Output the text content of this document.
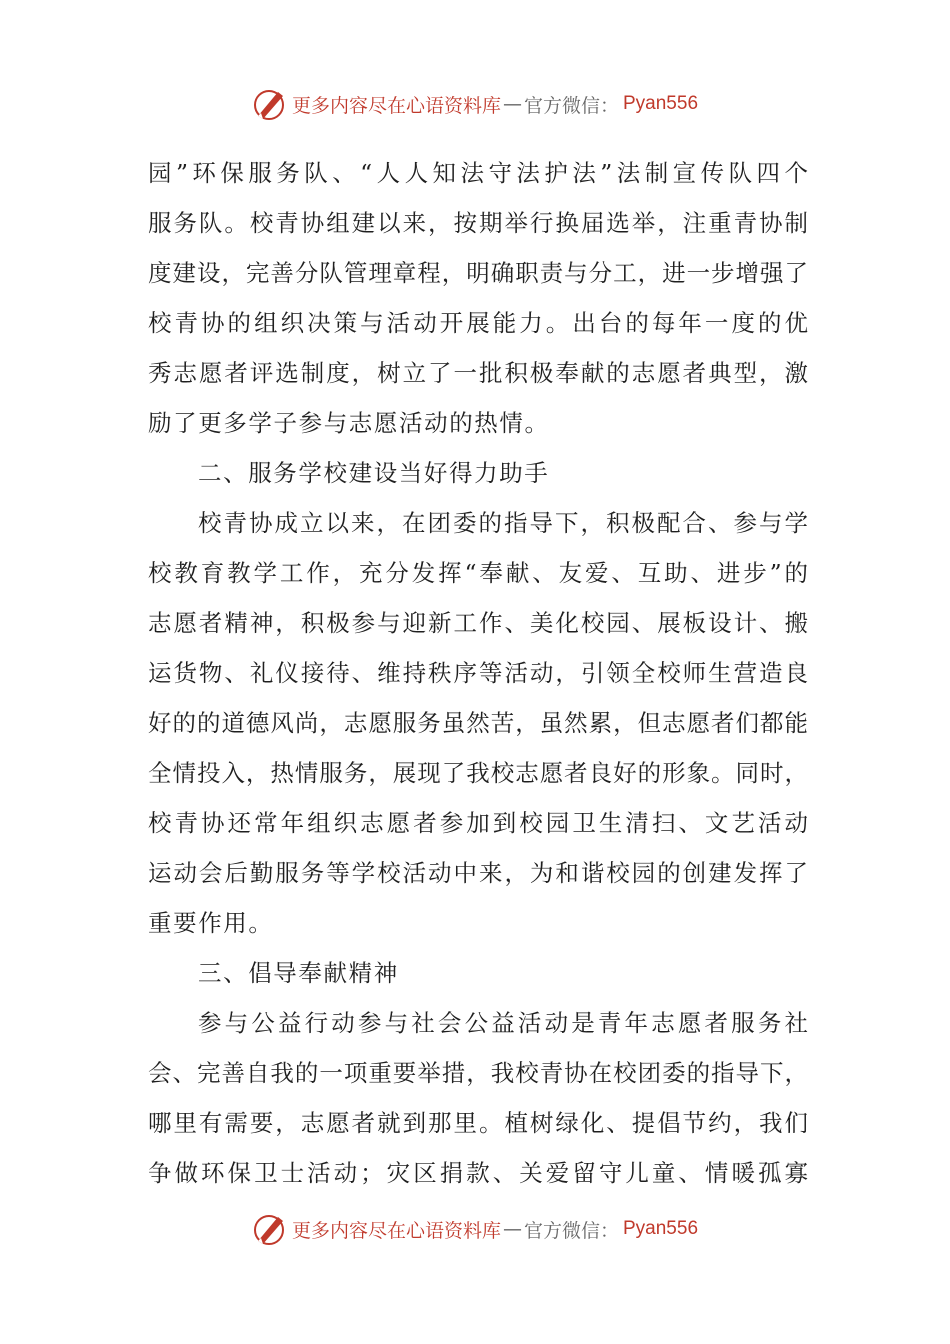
更多内容尽在心语资料库 — 官方微信： Pyan556
园”环保服务队、“人人知法守法护法”法制宣传队四个
服务队。校青协组建以来，按期举行换届选举，注重青协制
度建设，完善分队管理章程，明确职责与分工，进一步增强了
校青协的组织决策与活动开展能力。出台的每年一度的优
秀志愿者评选制度，树立了一批积极奉献的志愿者典型，激
励了更多学子参与志愿活动的热情。
二、服务学校建设当好得力助手
校青协成立以来，在团委的指导下，积极配合、参与学
校教育教学工作，充分发挥“奉献、友爱、互助、进步”的
志愿者精神，积极参与迎新工作、美化校园、展板设计、搬
运货物、礼仪接待、维持秩序等活动，引领全校师生营造良
好的的道德风尚，志愿服务虽然苦，虽然累，但志愿者们都能
全情投入，热情服务，展现了我校志愿者良好的形象。同时，
校青协还常年组织志愿者参加到校园卫生清扫、文艺活动
运动会后勤服务等学校活动中来，为和谐校园的创建发挥了
重要作用。
三、倡导奉献精神
参与公益行动参与社会公益活动是青年志愿者服务社
会、完善自我的一项重要举措，我校青协在校团委的指导下，
哪里有需要，志愿者就到那里。植树绿化、提倡节约，我们
争做环保卫士活动；灾区捐款、关爱留守儿童、情暖孤寡
更多内容尽在心语资料库 — 官方微信： Pyan556
